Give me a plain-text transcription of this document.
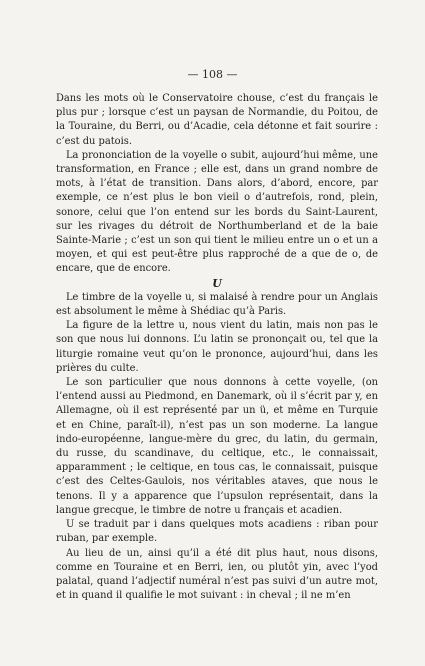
— 108 —

Dans les mots où le Conservatoire chouse, c’est du français le plus pur ; lorsque c’est un paysan de Normandie, du Poitou, de la Touraine, du Berri, ou d’Acadie, cela détonne et fait sourire : c’est du patois.

La prononciation de la voyelle o subit, aujourd’hui même, une transformation, en France ; elle est, dans un grand nombre de mots, à l’état de transition. Dans alors, d’abord, encore, par exemple, ce n’est plus le bon vieil o d’autrefois, rond, plein, sonore, celui que l’on entend sur les bords du Saint-Laurent, sur les rivages du détroit de Northumberland et de la baie Sainte-Marie ; c’est un son qui tient le milieu entre un o et un a moyen, et qui est peut-être plus rapproché de a que de o, de encare, que de encore.

U

Le timbre de la voyelle u, si malaisé à rendre pour un Anglais est absolument le même à Shédiac qu’à Paris.

La figure de la lettre u, nous vient du latin, mais non pas le son que nous lui donnons. L’u latin se prononçait ou, tel que la liturgie romaine veut qu’on le prononce, aujourd’hui, dans les prières du culte.

Le son particulier que nous donnons à cette voyelle, (on l’entend aussi au Piedmond, en Danemark, où il s’écrit par y, en Allemagne, où il est représenté par un ü, et même en Turquie et en Chine, paraît-il), n’est pas un son moderne. La langue indo-européenne, langue-mère du grec, du latin, du germain, du russe, du scandinave, du celtique, etc., le connaissait, apparamment ; le celtique, en tous cas, le connaissait, puisque c’est des Celtes-Gaulois, nos véritables ataves, que nous le tenons. Il y a apparence que l’upsulon représentait, dans la langue grecque, le timbre de notre u français et acadien.

U se traduit par i dans quelques mots acadiens : riban pour ruban, par exemple.

Au lieu de un, ainsi qu’il a été dit plus haut, nous disons, comme en Touraine et en Berri, ien, ou plutôt yin, avec l’yod palatal, quand l’adjectif numéral n’est pas suivi d’un autre mot, et in quand il qualifie le mot suivant : in cheval ; il ne m’en
